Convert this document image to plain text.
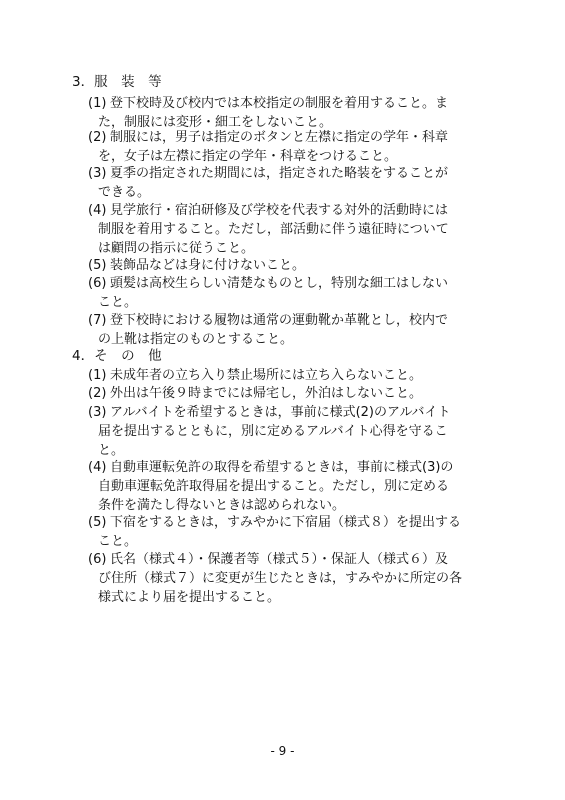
3．服　装　等
(1) 登下校時及び校内では本校指定の制服を着用すること。ま
た，制服には変形・細工をしないこと。
(2) 制服には，男子は指定のボタンと左襟に指定の学年・科章
を，女子は左襟に指定の学年・科章をつけること。
(3) 夏季の指定された期間には，指定された略装をすることが
できる。
(4) 見学旅行・宿泊研修及び学校を代表する対外的活動時には
制服を着用すること。ただし，部活動に伴う遠征時について
は顧問の指示に従うこと。
(5) 装飾品などは身に付けないこと。
(6) 頭髪は高校生らしい清楚なものとし，特別な細工はしない
こと。
(7) 登下校時における履物は通常の運動靴か革靴とし，校内で
の上靴は指定のものとすること。
4．そ　の　他
(1) 未成年者の立ち入り禁止場所には立ち入らないこと。
(2) 外出は午後９時までには帰宅し，外泊はしないこと。
(3) アルバイトを希望するときは，事前に様式(2)のアルバイト
届を提出するとともに，別に定めるアルバイト心得を守るこ
と。
(4) 自動車運転免許の取得を希望するときは，事前に様式(3)の
自動車運転免許取得届を提出すること。ただし，別に定める
条件を満たし得ないときは認められない。
(5) 下宿をするときは，すみやかに下宿届（様式８）を提出する
こと。
(6) 氏名（様式４）・保護者等（様式５）・保証人（様式６）及
び住所（様式７）に変更が生じたときは，すみやかに所定の各
様式により届を提出すること。
- 9 -
